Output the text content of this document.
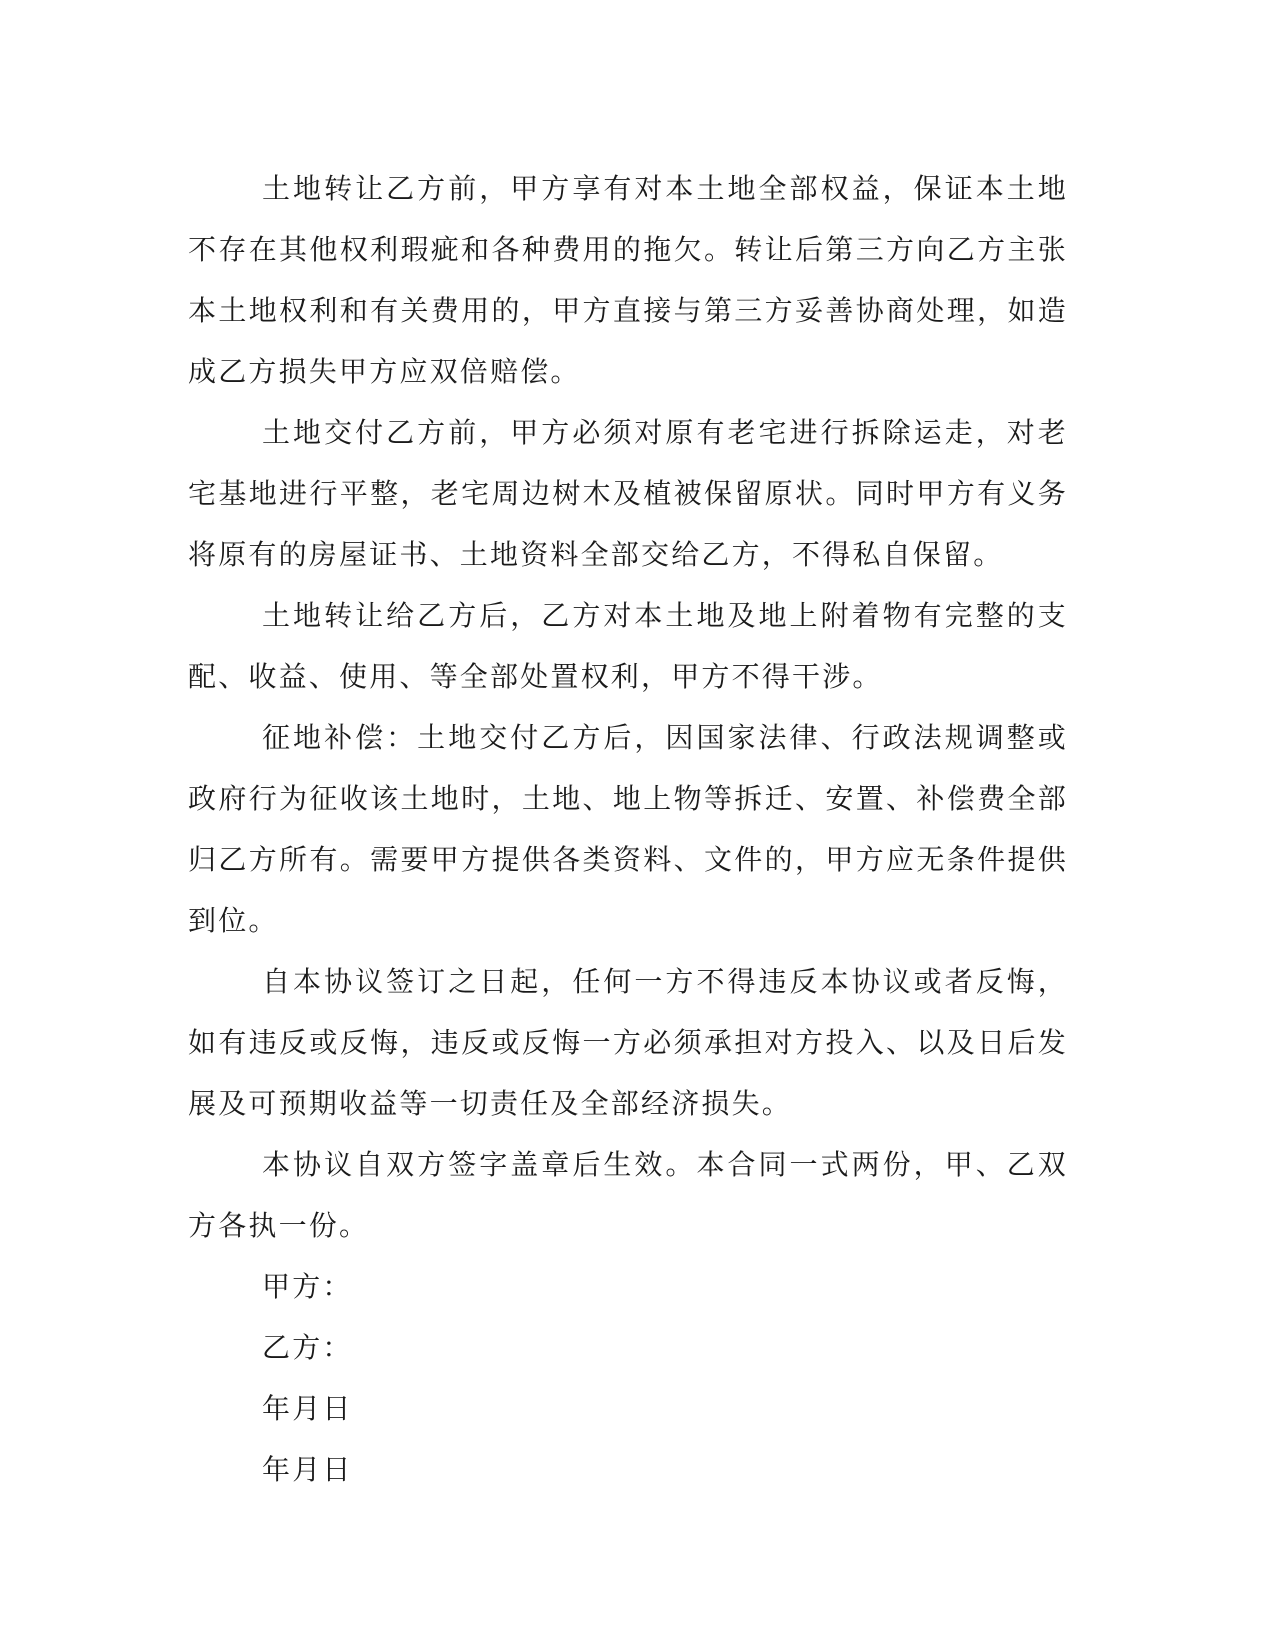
土地转让乙方前，甲方享有对本土地全部权益，保证本土地不存在其他权利瑕疵和各种费用的拖欠。转让后第三方向乙方主张本土地权利和有关费用的，甲方直接与第三方妥善协商处理，如造成乙方损失甲方应双倍赔偿。

土地交付乙方前，甲方必须对原有老宅进行拆除运走，对老宅基地进行平整，老宅周边树木及植被保留原状。同时甲方有义务将原有的房屋证书、土地资料全部交给乙方，不得私自保留。

土地转让给乙方后，乙方对本土地及地上附着物有完整的支配、收益、使用、等全部处置权利，甲方不得干涉。

征地补偿：土地交付乙方后，因国家法律、行政法规调整或政府行为征收该土地时，土地、地上物等拆迁、安置、补偿费全部归乙方所有。需要甲方提供各类资料、文件的，甲方应无条件提供到位。

自本协议签订之日起，任何一方不得违反本协议或者反悔，如有违反或反悔，违反或反悔一方必须承担对方投入、以及日后发展及可预期收益等一切责任及全部经济损失。

本协议自双方签字盖章后生效。本合同一式两份，甲、乙双方各执一份。

甲方：

乙方：

年月日

年月日
